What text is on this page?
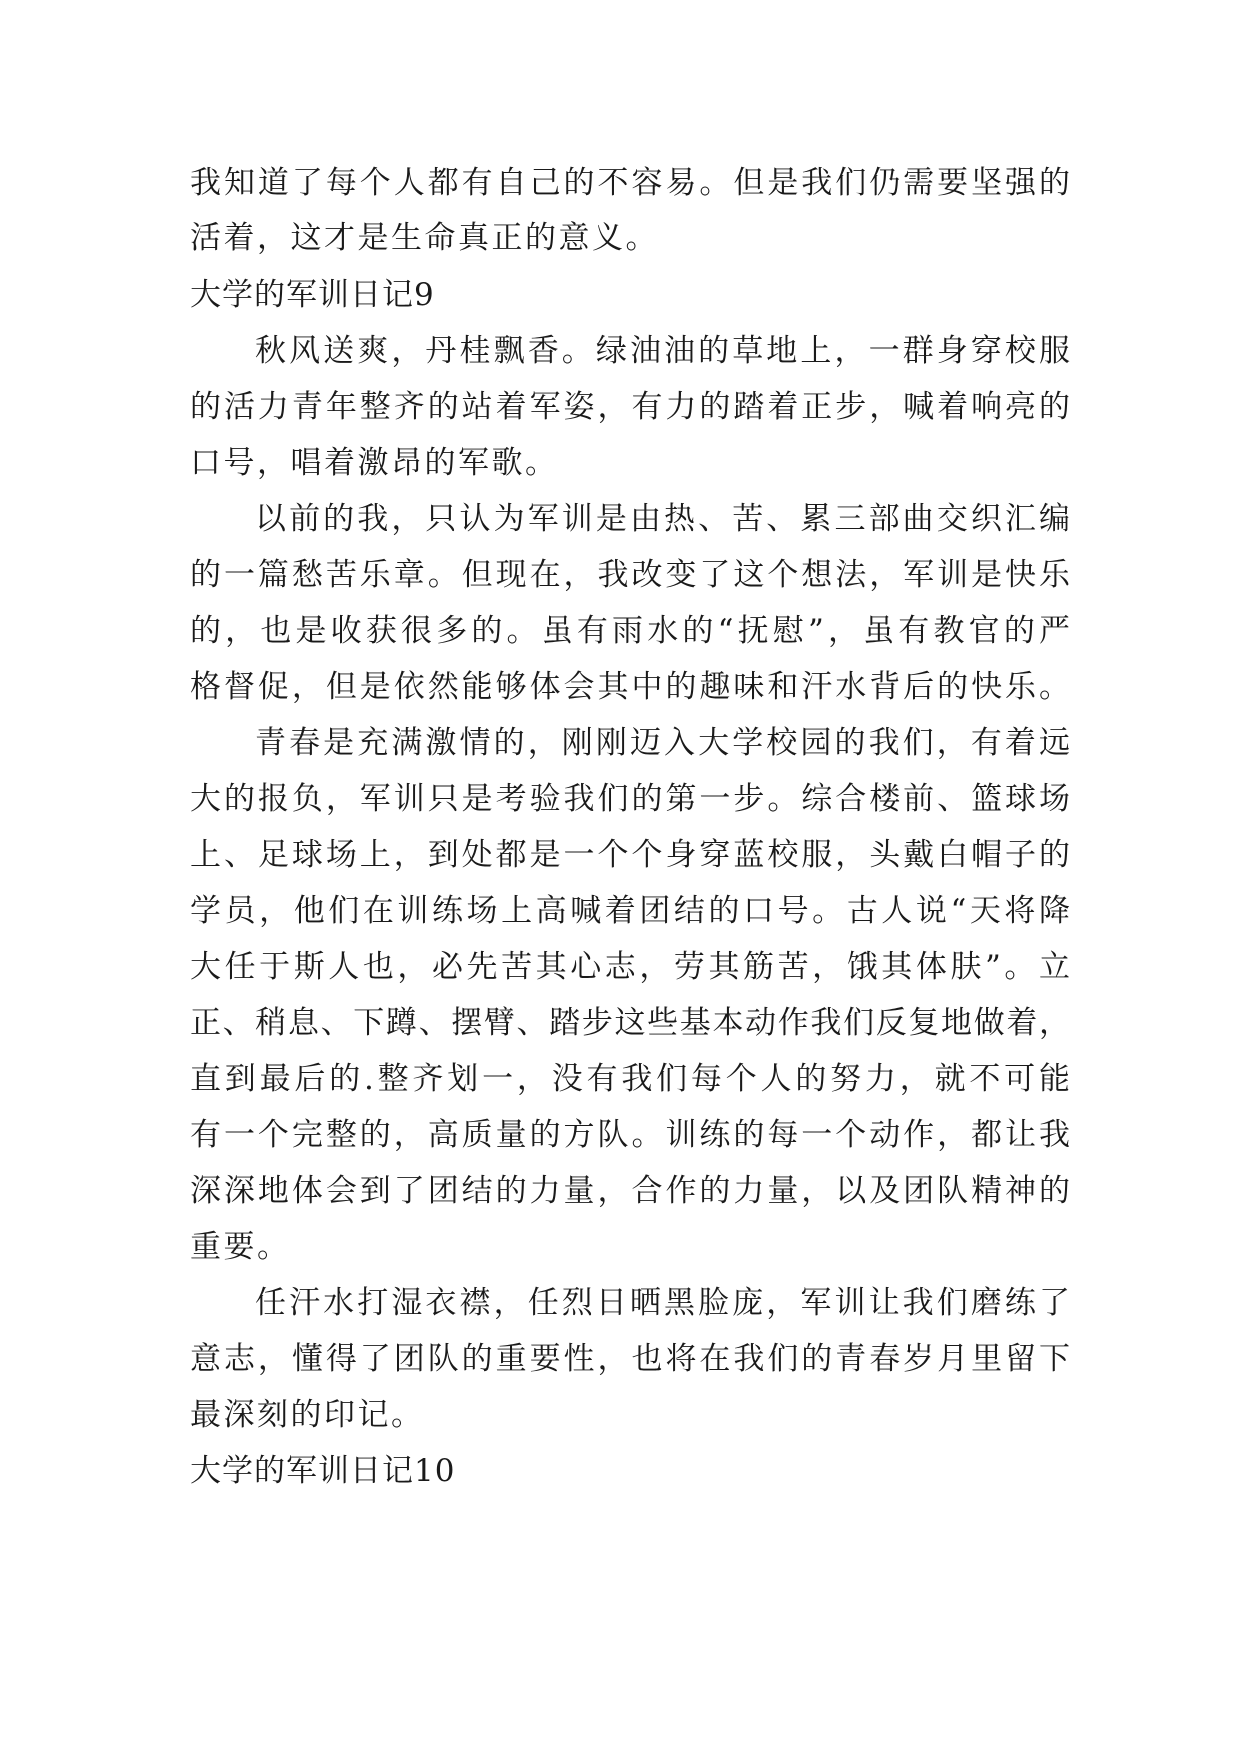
我知道了每个人都有自己的不容易。但是我们仍需要坚强的
活着，这才是生命真正的意义。
大学的军训日记9
秋风送爽，丹桂飘香。绿油油的草地上，一群身穿校服
的活力青年整齐的站着军姿，有力的踏着正步，喊着响亮的
口号，唱着激昂的军歌。
以前的我，只认为军训是由热、苦、累三部曲交织汇编
的一篇愁苦乐章。但现在，我改变了这个想法，军训是快乐
的，也是收获很多的。虽有雨水的“抚慰”，虽有教官的严
格督促，但是依然能够体会其中的趣味和汗水背后的快乐。
青春是充满激情的，刚刚迈入大学校园的我们，有着远
大的报负，军训只是考验我们的第一步。综合楼前、篮球场
上、足球场上，到处都是一个个身穿蓝校服，头戴白帽子的
学员，他们在训练场上高喊着团结的口号。古人说“天将降
大任于斯人也，必先苦其心志，劳其筋苦，饿其体肤”。立
正、稍息、下蹲、摆臂、踏步这些基本动作我们反复地做着，
直到最后的.整齐划一，没有我们每个人的努力，就不可能
有一个完整的，高质量的方队。训练的每一个动作，都让我
深深地体会到了团结的力量，合作的力量，以及团队精神的
重要。
任汗水打湿衣襟，任烈日晒黑脸庞，军训让我们磨练了
意志，懂得了团队的重要性，也将在我们的青春岁月里留下
最深刻的印记。
大学的军训日记10
